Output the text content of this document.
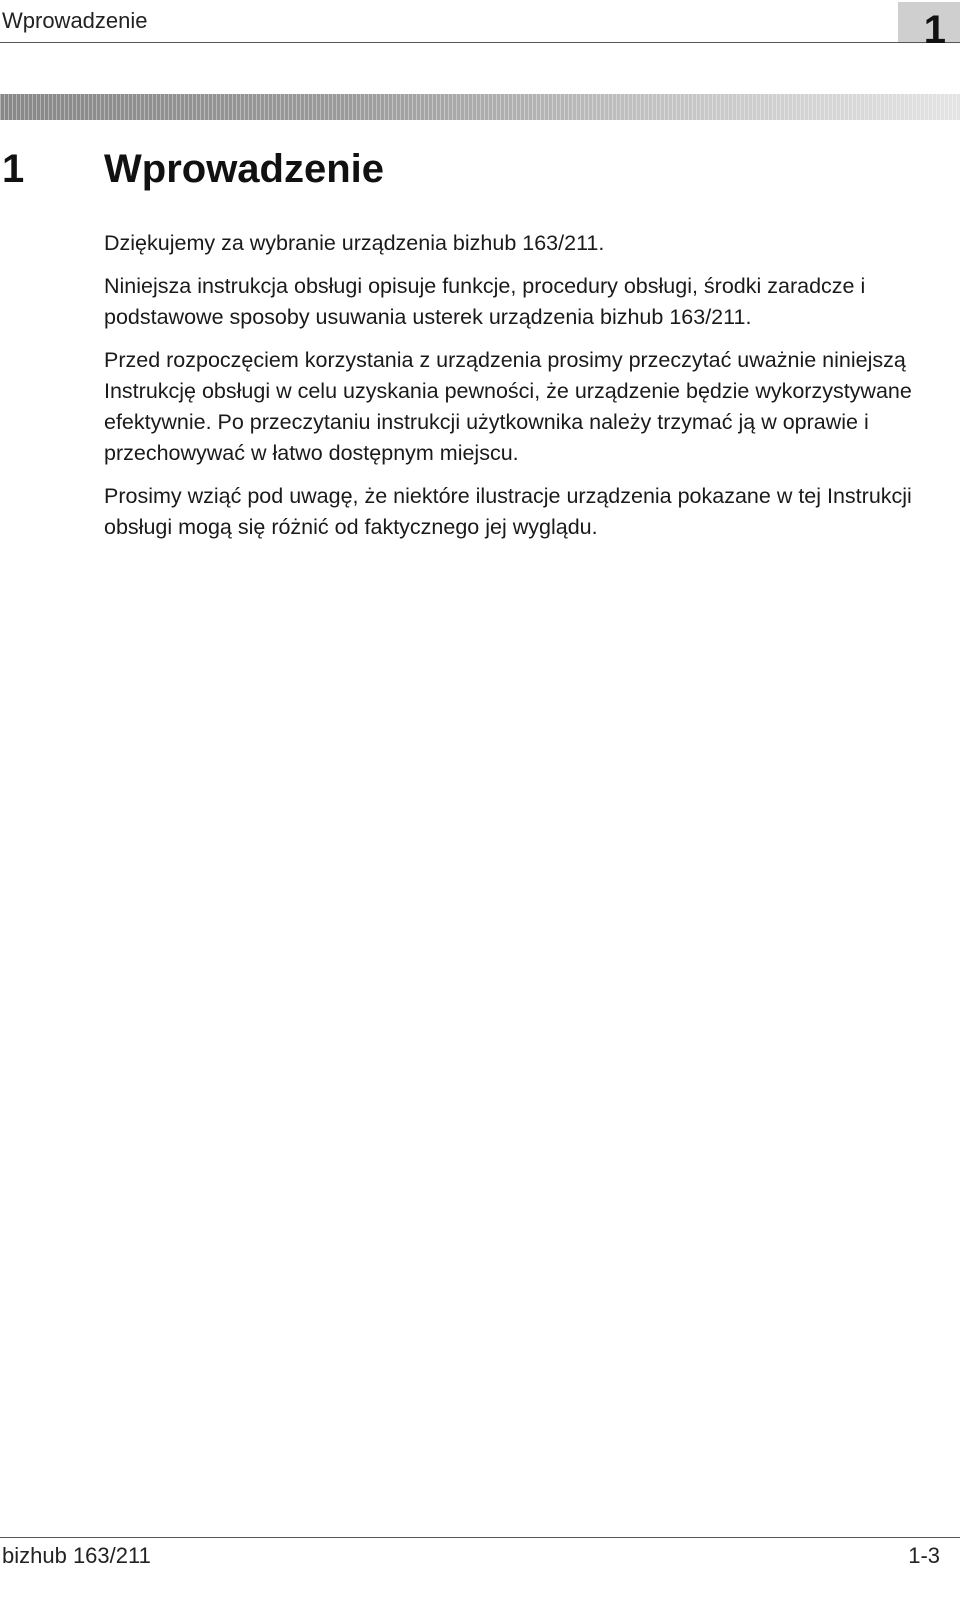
Wprowadzenie	1
1 Wprowadzenie

Dziękujemy za wybranie urządzenia bizhub 163/211.

Niniejsza instrukcja obsługi opisuje funkcje, procedury obsługi, środki zaradcze i podstawowe sposoby usuwania usterek urządzenia bizhub 163/211.

Przed rozpoczęciem korzystania z urządzenia prosimy przeczytać uważnie niniejszą Instrukcję obsługi w celu uzyskania pewności, że urządzenie będzie wykorzystywane efektywnie. Po przeczytaniu instrukcji użytkownika należy trzymać ją w oprawie i przechowywać w łatwo dostępnym miejscu.

Prosimy wziąć pod uwagę, że niektóre ilustracje urządzenia pokazane w tej Instrukcji obsługi mogą się różnić od faktycznego jej wyglądu.

bizhub 163/211	1-3
